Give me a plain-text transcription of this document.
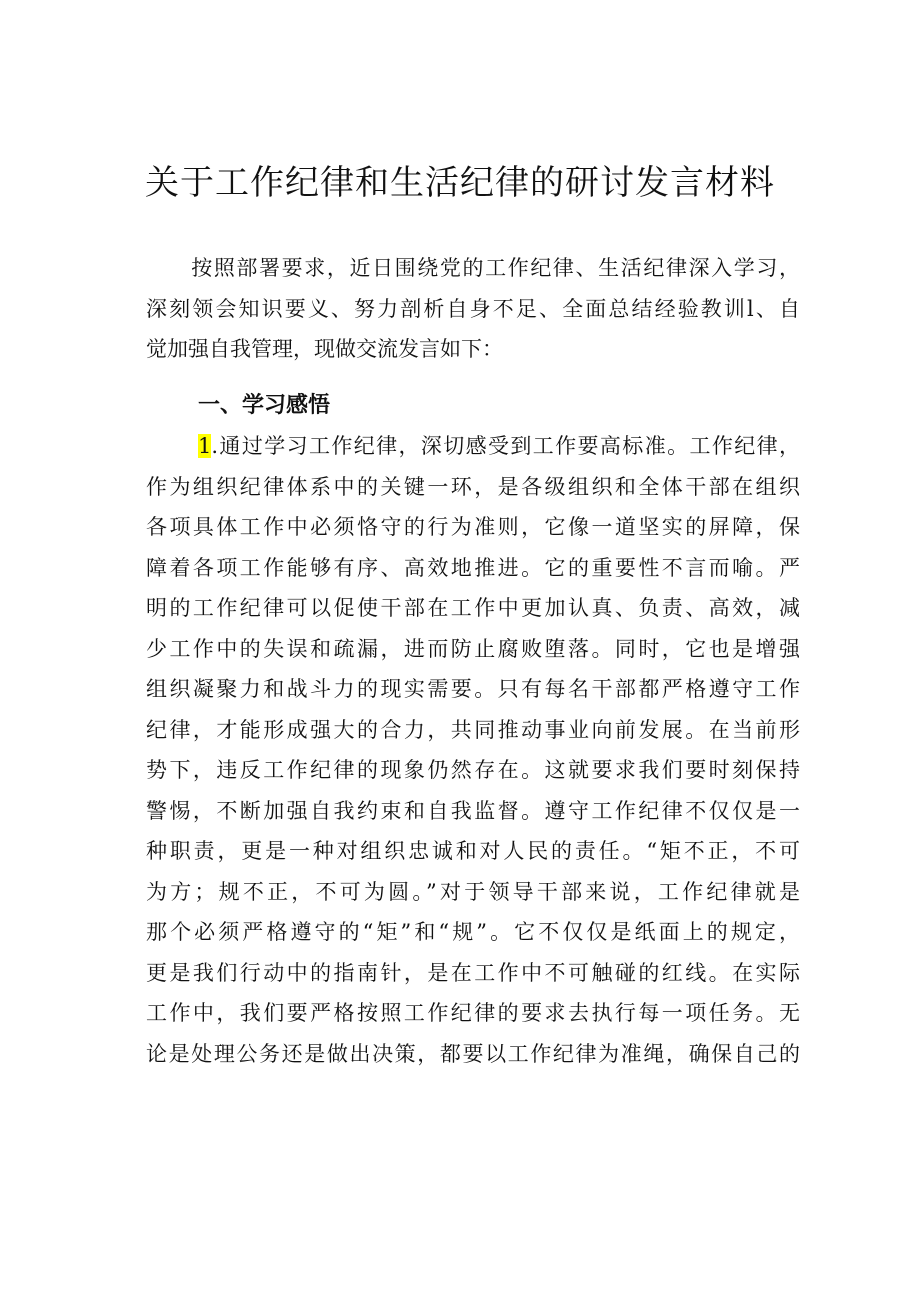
关于工作纪律和生活纪律的研讨发言材料
　　按照部署要求，近日围绕党的工作纪律、生活纪律深入学习，
深刻领会知识要义、努力剖析自身不足、全面总结经验教训l、自
觉加强自我管理，现做交流发言如下：
一、学习感悟
1.通过学习工作纪律，深切感受到工作要高标准。工作纪律，
作为组织纪律体系中的关键一环，是各级组织和全体干部在组织
各项具体工作中必须恪守的行为准则，它像一道坚实的屏障，保
障着各项工作能够有序、高效地推进。它的重要性不言而喻。严
明的工作纪律可以促使干部在工作中更加认真、负责、高效，减
少工作中的失误和疏漏，进而防止腐败堕落。同时，它也是增强
组织凝聚力和战斗力的现实需要。只有每名干部都严格遵守工作
纪律，才能形成强大的合力，共同推动事业向前发展。在当前形
势下，违反工作纪律的现象仍然存在。这就要求我们要时刻保持
警惕，不断加强自我约束和自我监督。遵守工作纪律不仅仅是一
种职责，更是一种对组织忠诚和对人民的责任。“矩不正，不可
为方；规不正，不可为圆。”对于领导干部来说，工作纪律就是
那个必须严格遵守的“矩”和“规”。它不仅仅是纸面上的规定，
更是我们行动中的指南针，是在工作中不可触碰的红线。在实际
工作中，我们要严格按照工作纪律的要求去执行每一项任务。无
论是处理公务还是做出决策，都要以工作纪律为准绳，确保自己的
